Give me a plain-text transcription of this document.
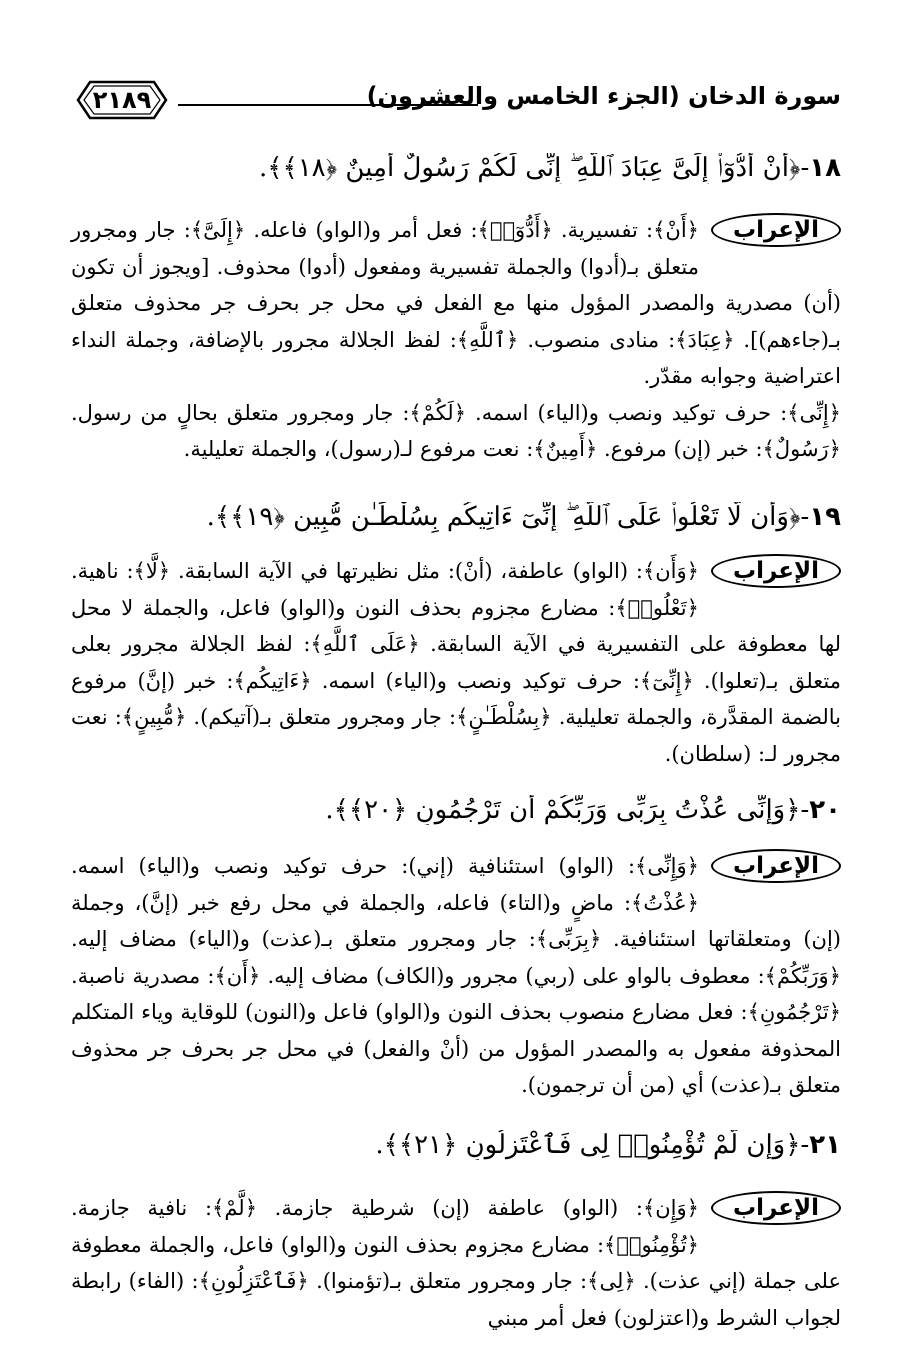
سورة الدخان (الجزء الخامس والعشرون)
٢١٨٩
١٨-﴿أَنْ أَدُّوٓا۟ إِلَىَّ عِبَادَ ٱللَّهِ ۖ إِنِّى لَكُمْ رَسُولٌ أَمِينٌ ﴿١٨﴾﴾.
الإعراب

﴿أَنْ﴾: تفسيرية. ﴿أَدُّوٓا۟﴾: فعل أمر و(الواو) فاعله. ﴿إِلَىَّ﴾: جار ومجرور متعلق بـ(أدوا) والجملة تفسيرية ومفعول (أدوا) محذوف. [ويجوز أن تكون (أن) مصدرية والمصدر المؤول منها مع الفعل في محل جر بحرف جر محذوف متعلق بـ(جاءهم)]. ﴿عِبَادَ﴾: منادى منصوب. ﴿ٱللَّهِ﴾: لفظ الجلالة مجرور بالإضافة، وجملة النداء اعتراضية وجوابه مقدّر.

﴿إِنِّى﴾: حرف توكيد ونصب و(الياء) اسمه. ﴿لَكُمْ﴾: جار ومجرور متعلق بحالٍ من رسول. ﴿رَسُولٌ﴾: خبر (إن) مرفوع. ﴿أَمِينٌ﴾: نعت مرفوع لـ(رسول)، والجملة تعليلية.

١٩-﴿وَأَن لَّا تَعْلُوا۟ عَلَى ٱللَّهِ ۖ إِنِّىٓ ءَاتِيكُم بِسُلْطَـٰنٍ مُّبِينٍ ﴿١٩﴾﴾.
الإعراب

﴿وَأَن﴾: (الواو) عاطفة، (أنْ): مثل نظيرتها في الآية السابقة. ﴿لَّا﴾: ناهية. ﴿تَعْلُوا۟﴾: مضارع مجزوم بحذف النون و(الواو) فاعل، والجملة لا محل لها معطوفة على التفسيرية في الآية السابقة. ﴿عَلَى ٱللَّهِ﴾: لفظ الجلالة مجرور بعلى متعلق بـ(تعلوا). ﴿إِنِّىٓ﴾: حرف توكيد ونصب و(الياء) اسمه. ﴿ءَاتِيكُم﴾: خبر (إنَّ) مرفوع بالضمة المقدَّرة، والجملة تعليلية. ﴿بِسُلْطَـٰنٍ﴾: جار ومجرور متعلق بـ(آتيكم). ﴿مُّبِينٍ﴾: نعت مجرور لـ: (سلطان).

٢٠-﴿وَإِنِّى عُذْتُ بِرَبِّى وَرَبِّكُمْ أَن تَرْجُمُونِ ﴿٢٠﴾﴾.
الإعراب

﴿وَإِنِّى﴾: (الواو) استئنافية (إني): حرف توكيد ونصب و(الياء) اسمه. ﴿عُذْتُ﴾: ماضٍ و(التاء) فاعله، والجملة في محل رفع خبر (إنَّ)، وجملة (إن) ومتعلقاتها استئنافية. ﴿بِرَبِّى﴾: جار ومجرور متعلق بـ(عذت) و(الياء) مضاف إليه. ﴿وَرَبِّكُمْ﴾: معطوف بالواو على (ربي) مجرور و(الكاف) مضاف إليه. ﴿أَن﴾: مصدرية ناصبة. ﴿تَرْجُمُونِ﴾: فعل مضارع منصوب بحذف النون و(الواو) فاعل و(النون) للوقاية وياء المتكلم المحذوفة مفعول به والمصدر المؤول من (أنْ والفعل) في محل جر بحرف جر محذوف متعلق بـ(عذت) أي (من أن ترجمون).

٢١-﴿وَإِن لَّمْ تُؤْمِنُوا۟ لِى فَٱعْتَزِلُونِ ﴿٢١﴾﴾.
الإعراب

﴿وَإِن﴾: (الواو) عاطفة (إن) شرطية جازمة. ﴿لَّمْ﴾: نافية جازمة. ﴿تُؤْمِنُوا۟﴾: مضارع مجزوم بحذف النون و(الواو) فاعل، والجملة معطوفة على جملة (إني عذت). ﴿لِى﴾: جار ومجرور متعلق بـ(تؤمنوا). ﴿فَٱعْتَزِلُونِ﴾: (الفاء) رابطة لجواب الشرط و(اعتزلون) فعل أمر مبني
